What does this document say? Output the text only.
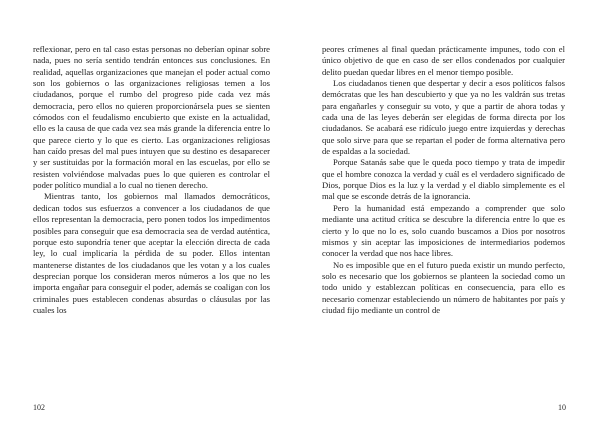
reflexionar, pero en tal caso estas personas no deberían opinar sobre nada, pues no sería sentido tendrán entonces sus conclusiones. En realidad, aquellas organizaciones que manejan el poder actual como son los gobiernos o las organizaciones religiosas temen a los ciudadanos, porque el rumbo del progreso pide cada vez más democracia, pero ellos no quieren proporcionársela pues se sienten cómodos con el feudalismo encubierto que existe en la actualidad, ello es la causa de que cada vez sea más grande la diferencia entre lo que parece cierto y lo que es cierto. Las organizaciones religiosas han caído presas del mal pues intuyen que su destino es desaparecer y ser sustituidas por la formación moral en las escuelas, por ello se resisten volviéndose malvadas pues lo que quieren es controlar el poder político mundial a lo cual no tienen derecho.

Mientras tanto, los gobiernos mal llamados democráticos, dedican todos sus esfuerzos a convencer a los ciudadanos de que ellos representan la democracia, pero ponen todos los impedimentos posibles para conseguir que esa democracia sea de verdad auténtica, porque esto supondría tener que aceptar la elección directa de cada ley, lo cual implicaría la pérdida de su poder. Ellos intentan mantenerse distantes de los ciudadanos que les votan y a los cuales desprecian porque los consideran meros números a los que no les importa engañar para conseguir el poder, además se coaligan con los criminales pues establecen condenas absurdas o cláusulas por las cuales los

102

peores crímenes al final quedan prácticamente impunes, todo con el único objetivo de que en caso de ser ellos condenados por cualquier delito puedan quedar libres en el menor tiempo posible.

Los ciudadanos tienen que despertar y decir a esos políticos falsos demócratas que les han descubierto y que ya no les valdrán sus tretas para engañarles y conseguir su voto, y que a partir de ahora todas y cada una de las leyes deberán ser elegidas de forma directa por los ciudadanos. Se acabará ese ridículo juego entre izquierdas y derechas que solo sirve para que se repartan el poder de forma alternativa pero de espaldas a la sociedad.

Porque Satanás sabe que le queda poco tiempo y trata de impedir que el hombre conozca la verdad y cuál es el verdadero significado de Dios, porque Dios es la luz y la verdad y el diablo simplemente es el mal que se esconde detrás de la ignorancia.

Pero la humanidad está empezando a comprender que solo mediante una actitud crítica se descubre la diferencia entre lo que es cierto y lo que no lo es, solo cuando buscamos a Dios por nosotros mismos y sin aceptar las imposiciones de intermediarios podemos conocer la verdad que nos hace libres.

No es imposible que en el futuro pueda existir un mundo perfecto, solo es necesario que los gobiernos se planteen la sociedad como un todo unido y establezcan políticas en consecuencia, para ello es necesario comenzar estableciendo un número de habitantes por país y ciudad fijo mediante un control de

10
